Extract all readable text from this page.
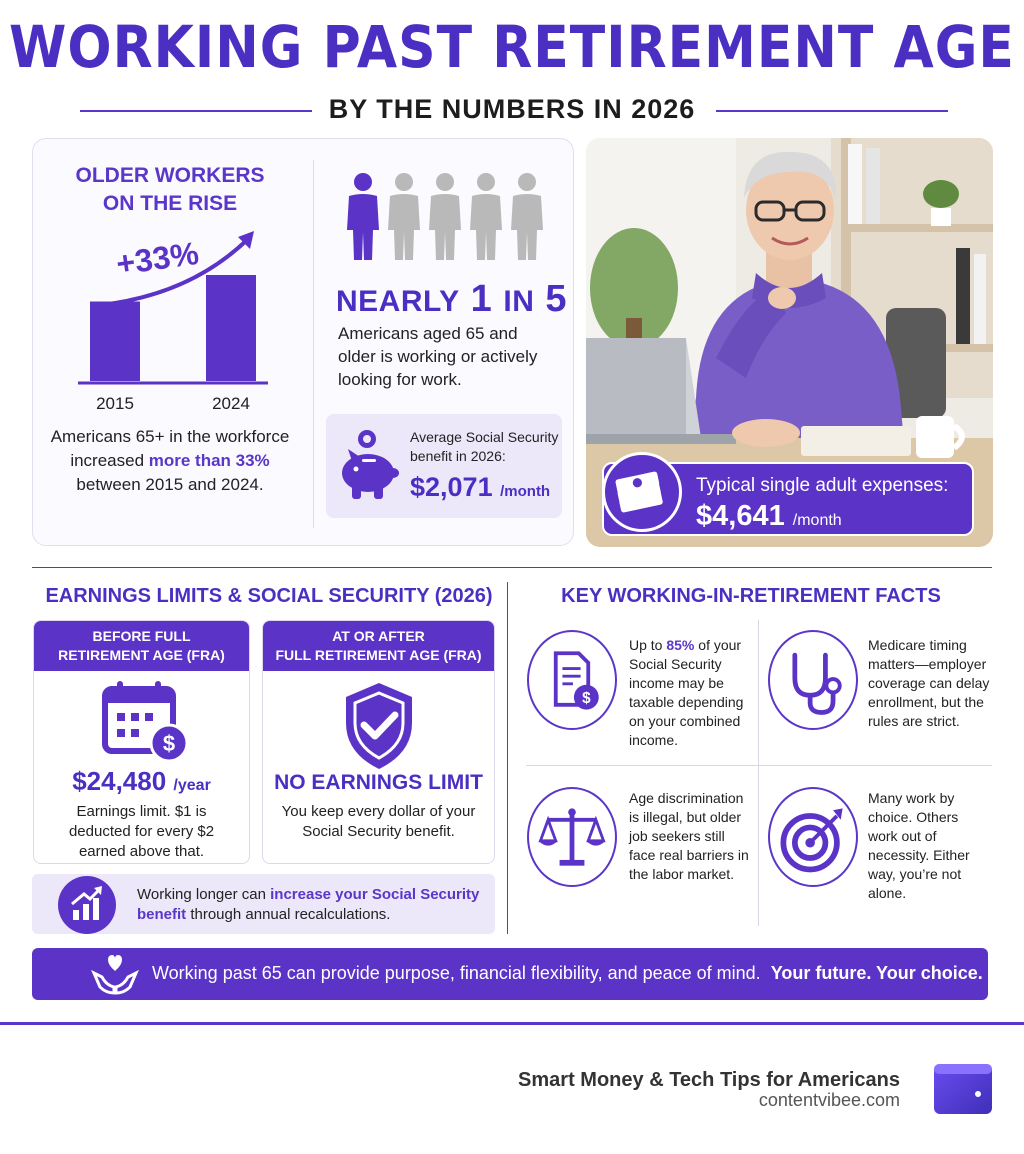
WORKING PAST RETIREMENT AGE
BY THE NUMBERS IN 2026
OLDER WORKERS
ON THE RISE
+33%
2015	2024
Americans 65+ in the workforce increased more than 33% between 2015 and 2024.
NEARLY 1 IN 5
Americans aged 65 and older is working or actively looking for work.
Average Social Security benefit in 2026:
$2,071 /month	Typical single adult expenses:
$4,641 /month
EARNINGS LIMITS & SOCIAL SECURITY (2026)
BEFORE FULL
RETIREMENT AGE (FRA)
$
$24,480 /year
Earnings limit. $1 is deducted for every $2 earned above that.
AT OR AFTER
FULL RETIREMENT AGE (FRA)
NO EARNINGS LIMIT
You keep every dollar of your Social Security benefit.
Working longer can increase your Social Security benefit through annual recalculations.
KEY WORKING-IN-RETIREMENT FACTS
$
Up to 85% of your Social Security income may be taxable depending on your combined income.
Medicare timing matters—employer coverage can delay enrollment, but the rules are strict.
Age discrimination is illegal, but older job seekers still face real barriers in the labor market.
Many work by choice. Others work out of necessity. Either way, you’re not alone.
Working past 65 can provide purpose, financial flexibility, and peace of mind. Your future. Your choice.
Smart Money & Tech Tips for Americans
contentvibee.com
